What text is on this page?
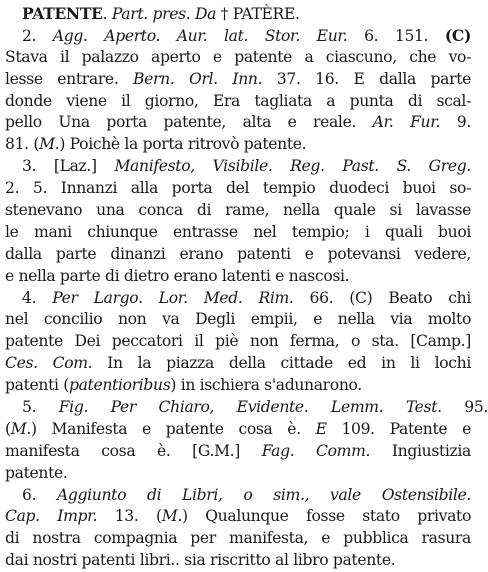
PATENTE. Part. pres. Da † PATÈRE.
2. Agg. Aperto. Aur. lat. Stor. Eur. 6. 151. (C)
Stava il palazzo aperto e patente a ciascuno, che vo-
lesse entrare. Bern. Orl. Inn. 37. 16. E dalla parte
donde viene il giorno, Era tagliata a punta di scal-
pello Una porta patente, alta e reale. Ar. Fur. 9.
81. (M.) Poichè la porta ritrovò patente.
3. [Laz.] Manifesto, Visibile. Reg. Past. S. Greg.
2. 5. Innanzi alla porta del tempio duodeci buoi so-
stenevano una conca di rame, nella quale si lavasse
le mani chiunque entrasse nel tempio; i quali buoi
dalla parte dinanzi erano patenti e potevansi vedere,
e nella parte di dietro erano latenti e nascosi.
4. Per Largo. Lor. Med. Rim. 66. (C) Beato chi
nel concilio non va Degli empii, e nella via molto
patente Dei peccatori il piè non ferma, o sta. [Camp.]
Ces. Com. In la piazza della cittade ed in li lochi
patenti (patentioribus) in ischiera s'adunarono.
5. Fig. Per Chiaro, Evidente. Lemm. Test. 95.
(M.) Manifesta e patente cosa è. E 109. Patente e
manifesta cosa è. [G.M.] Fag. Comm. Ingiustizia
patente.
6. Aggiunto di Libri, o sim., vale Ostensibile.
Cap. Impr. 13. (M.) Qualunque fosse stato privato
di nostra compagnia per manifesta, e pubblica rasura
dai nostri patenti libri.. sia riscritto al libro patente.
